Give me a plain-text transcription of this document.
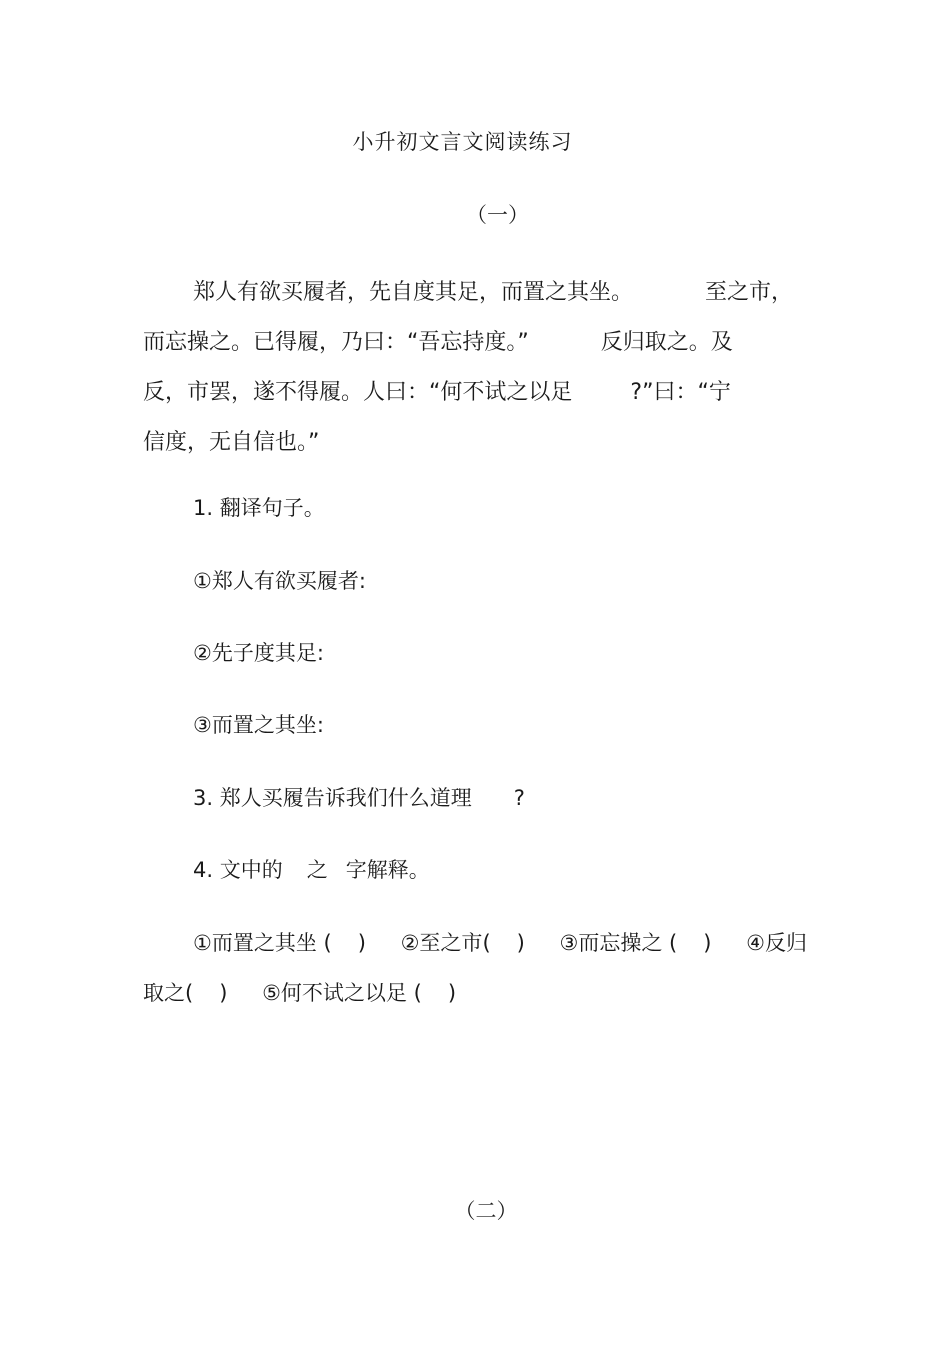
小升初文言文阅读练习
（一）
郑人有欲买履者，先自度其足，而置之其坐。	至之市，
而忘操之。已得履，乃曰：“吾忘持度。”	反归取之。及
反，市罢，遂不得履。人曰：“何不试之以足	?”曰：“宁
信度，无自信也。”
1. 翻译句子。
①郑人有欲买履者:
②先子度其足:
③而置之其坐:
3. 郑人买履告诉我们什么道理 ?
4. 文中的 之 字解释。
①而置之其坐 ( ) ②至之市( ) ③而忘操之 ( ) ④反归
取之( ) ⑤何不试之以足 ( )
（二）
